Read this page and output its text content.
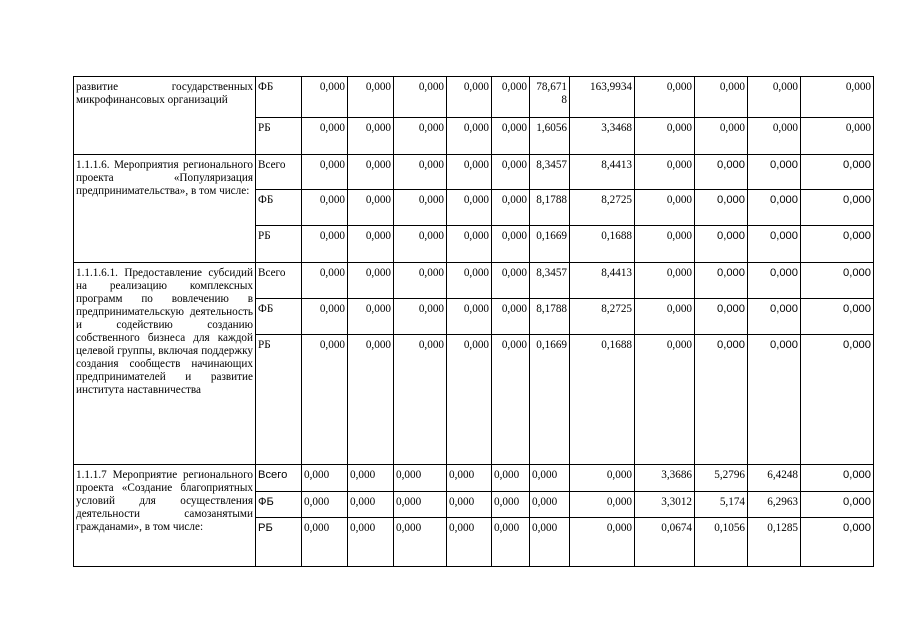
развитие государственных микрофинансовых организаций	ФБ	0,000	0,000	0,000	0,000	0,000	78,671 8	163,9934	0,000	0,000	0,000	0,000
	РБ	0,000	0,000	0,000	0,000	0,000	1,6056	3,3468	0,000	0,000	0,000	0,000
1.1.1.6. Мероприятия регионального проекта «Популяризация предпринимательства», в том числе:	Всего	0,000	0,000	0,000	0,000	0,000	8,3457	8,4413	0,000	0,000	0,000	0,000
	ФБ	0,000	0,000	0,000	0,000	0,000	8,1788	8,2725	0,000	0,000	0,000	0,000
	РБ	0,000	0,000	0,000	0,000	0,000	0,1669	0,1688	0,000	0,000	0,000	0,000
1.1.1.6.1. Предоставление субсидий на реализацию комплексных программ по вовлечению в предпринимательскую деятельность и содействию созданию собственного бизнеса для каждой целевой группы, включая поддержку создания сообществ начинающих предпринимателей и развитие института наставничества	Всего	0,000	0,000	0,000	0,000	0,000	8,3457	8,4413	0,000	0,000	0,000	0,000
	ФБ	0,000	0,000	0,000	0,000	0,000	8,1788	8,2725	0,000	0,000	0,000	0,000
	РБ	0,000	0,000	0,000	0,000	0,000	0,1669	0,1688	0,000	0,000	0,000	0,000
1.1.1.7 Мероприятие регионального проекта «Создание благоприятных условий для осуществления деятельности самозанятыми гражданами», в том числе:	Всего	0,000	0,000	0,000	0,000	0,000	0,000	0,000	3,3686	5,2796	6,4248	0,000
	ФБ	0,000	0,000	0,000	0,000	0,000	0,000	0,000	3,3012	5,174	6,2963	0,000
	РБ	0,000	0,000	0,000	0,000	0,000	0,000	0,000	0,0674	0,1056	0,1285	0,000
